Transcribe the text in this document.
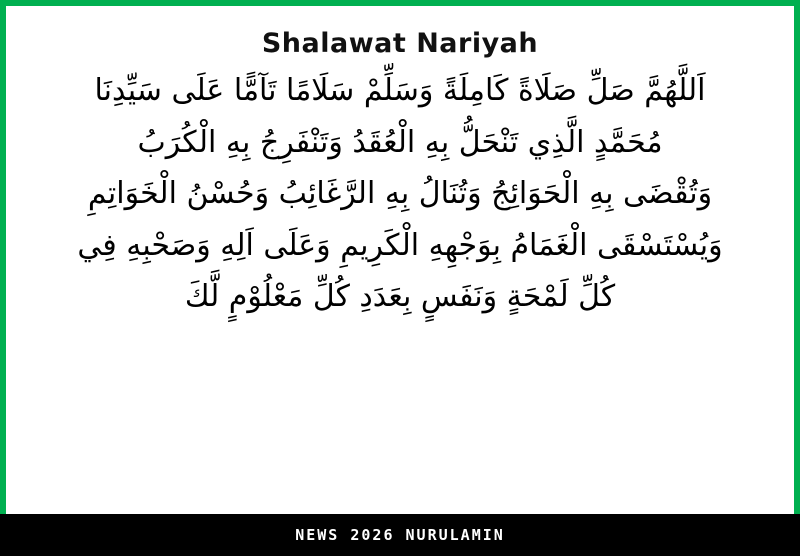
Shalawat Nariyah
اَللَّهُمَّ صَلِّ صَلَاةً كَامِلَةً وَسَلِّمْ سَلَامًا تَآمًّا عَلَى سَيِّدِنَا
مُحَمَّدٍ الَّذِي تَنْحَلُّ بِهِ الْعُقَدُ وَتَنْفَرِجُ بِهِ الْكُرَبُ
وَتُقْضَى بِهِ الْحَوَائِجُ وَتُنَالُ بِهِ الرَّغَائِبُ وَحُسْنُ الْخَوَاتِمِ
وَيُسْتَسْقَى الْغَمَامُ بِوَجْهِهِ الْكَرِيمِ وَعَلَى اَلِهِ وَصَحْبِهِ فِي
كُلِّ لَمْحَةٍ وَنَفَسٍ بِعَدَدِ كُلِّ مَعْلُوْمٍ لَّكَ
NEWS 2026 NURULAMIN
